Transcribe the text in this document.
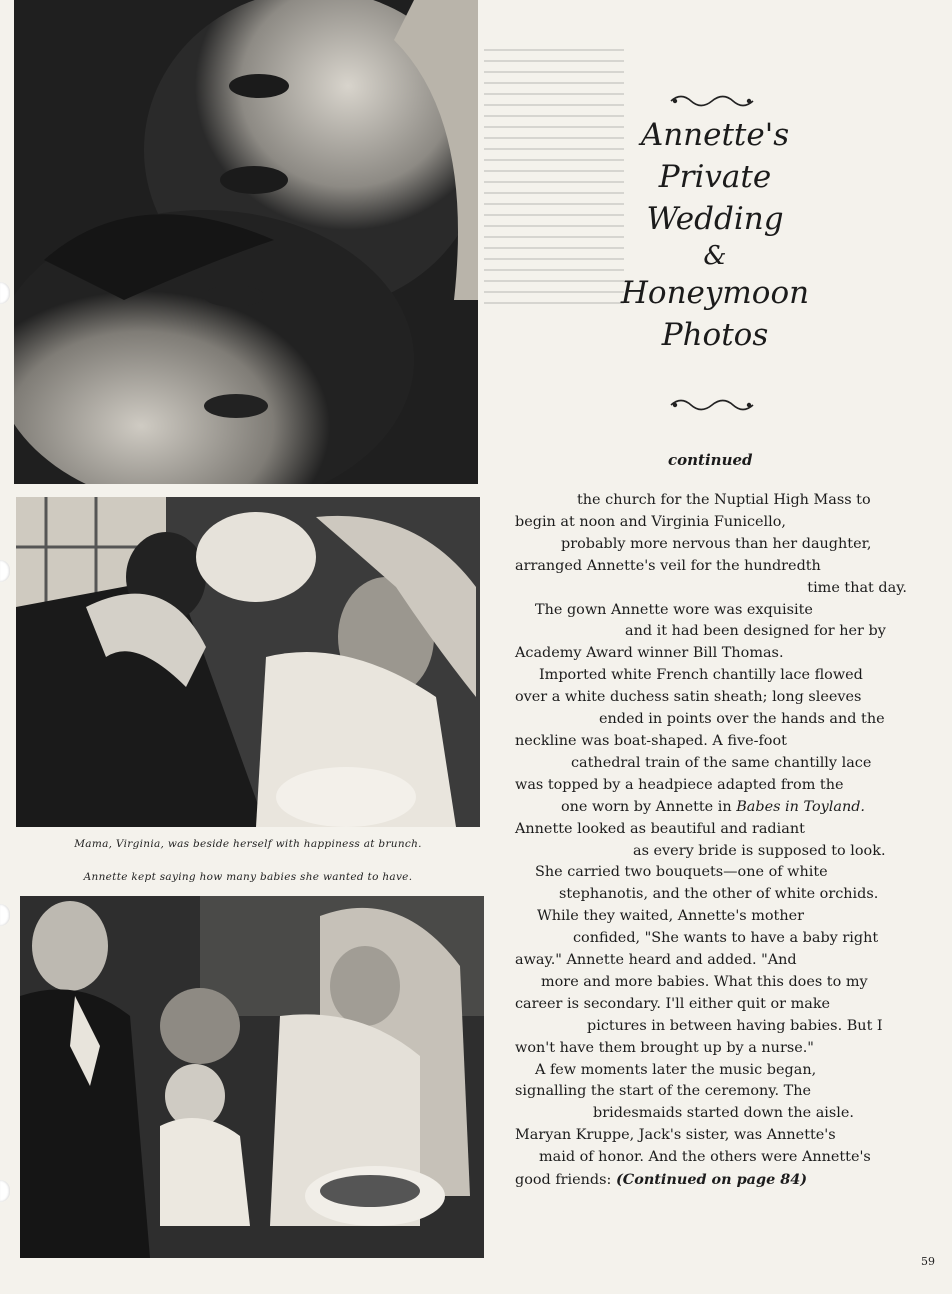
Mama, Virginia, was beside herself with happiness at brunch.
Annette kept saying how many babies she wanted to have.
Annette's
Private
Wedding
&
Honeymoon
Photos
continued
the church for the Nuptial High Mass to
begin at noon and Virginia Funicello,
probably more nervous than her daughter,
arranged Annette's veil for the hundredth
time that day.
The gown Annette wore was exquisite
and it had been designed for her by
Academy Award winner Bill Thomas.
Imported white French chantilly lace flowed
over a white duchess satin sheath; long sleeves
ended in points over the hands and the
neckline was boat-shaped. A five-foot
cathedral train of the same chantilly lace
was topped by a headpiece adapted from the
one worn by Annette in Babes in Toyland.
Annette looked as beautiful and radiant
as every bride is supposed to look.
She carried two bouquets—one of white
stephanotis, and the other of white orchids.
While they waited, Annette's mother
confided, "She wants to have a baby right
away." Annette heard and added. "And
more and more babies. What this does to my
career is secondary. I'll either quit or make
pictures in between having babies. But I
won't have them brought up by a nurse."
A few moments later the music began,
signalling the start of the ceremony. The
bridesmaids started down the aisle.
Maryan Kruppe, Jack's sister, was Annette's
maid of honor. And the others were Annette's
good friends: (Continued on page 84)
59
